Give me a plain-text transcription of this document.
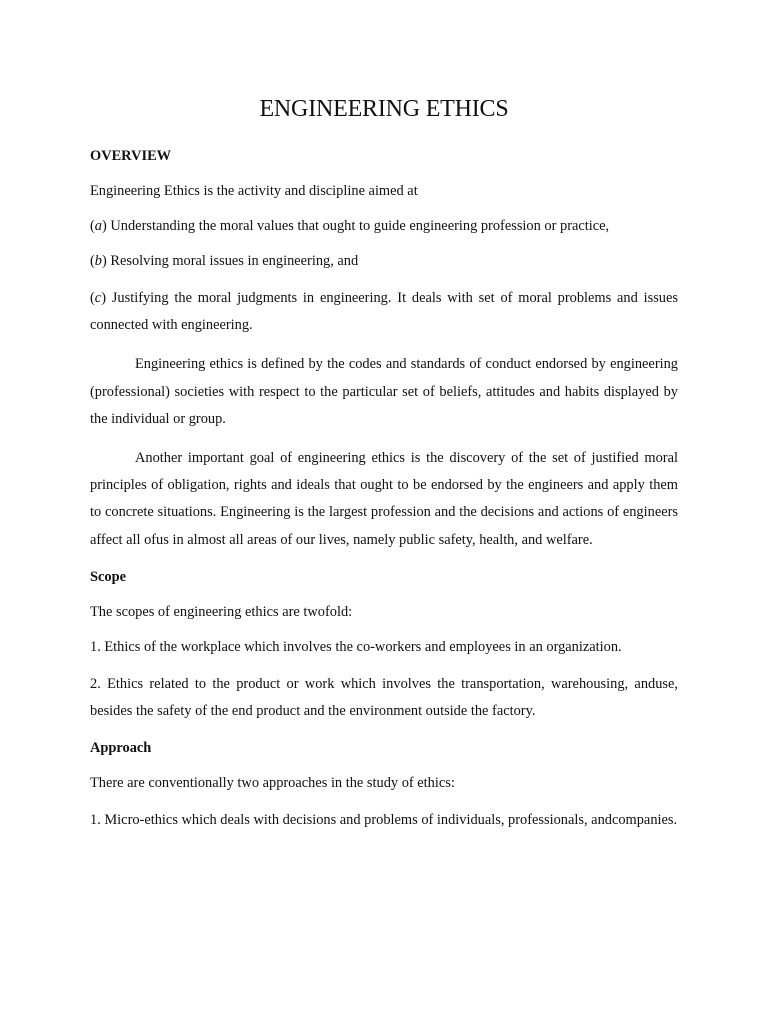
ENGINEERING ETHICS
OVERVIEW
Engineering Ethics is the activity and discipline aimed at
(a) Understanding the moral values that ought to guide engineering profession or practice,
(b) Resolving moral issues in engineering, and
(c) Justifying the moral judgments in engineering. It deals with set of moral problems and issues connected with engineering.
Engineering ethics is defined by the codes and standards of conduct endorsed by engineering (professional) societies with respect to the particular set of beliefs, attitudes and habits displayed by the individual or group.
Another important goal of engineering ethics is the discovery of the set of justified moral principles of obligation, rights and ideals that ought to be endorsed by the engineers and apply them to concrete situations. Engineering is the largest profession and the decisions and actions of engineers affect all ofus in almost all areas of our lives, namely public safety, health, and welfare.
Scope
The scopes of engineering ethics are twofold:
1. Ethics of the workplace which involves the co-workers and employees in an organization.
2. Ethics related to the product or work which involves the transportation, warehousing, anduse, besides the safety of the end product and the environment outside the factory.
Approach
There are conventionally two approaches in the study of ethics:
1. Micro-ethics which deals with decisions and problems of individuals, professionals, andcompanies.
